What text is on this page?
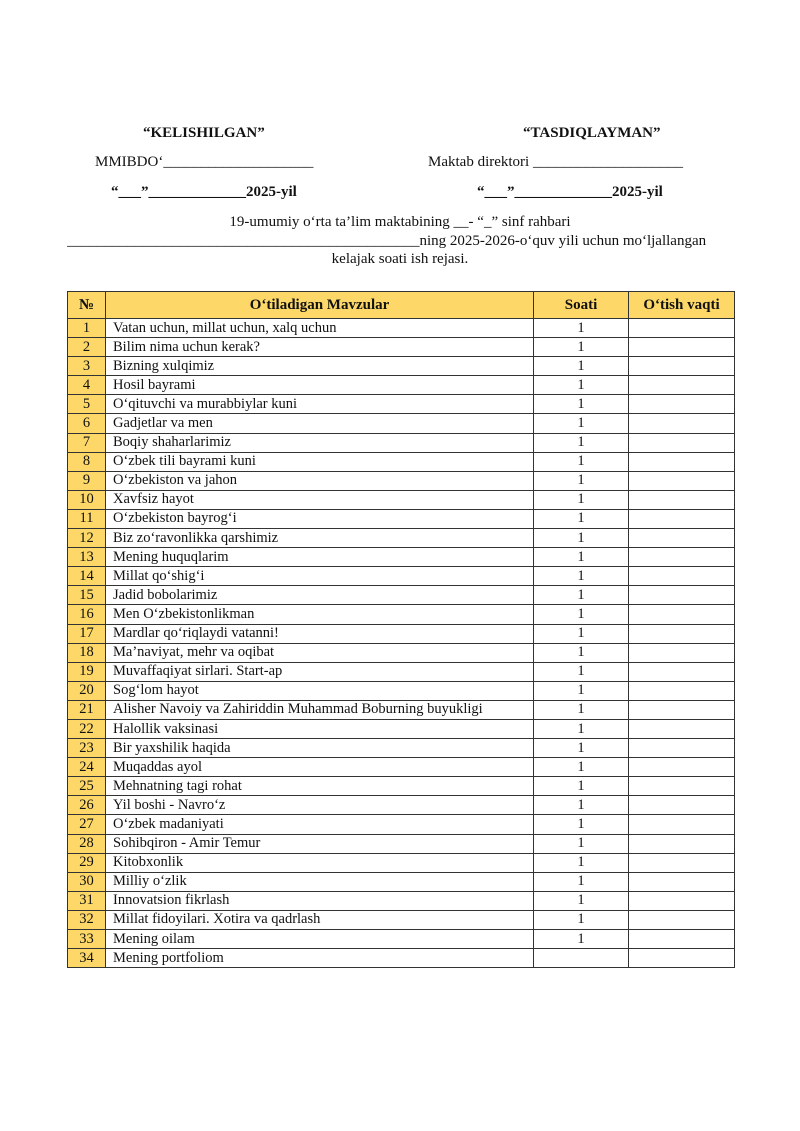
“KELISHILGAN”	“TASDIQLAYMAN”
MMIBDO‘____________________	Maktab direktori ____________________
“___”_____________2025-yil	“___”_____________2025-yil
19-umumiy o‘rta ta’lim maktabining __- “_” sinf rahbari
_______________________________________________ning 2025-2026-o‘quv yili uchun mo‘ljallangan
kelajak soati ish rejasi.
№	O‘tiladigan Mavzular	Soati	O‘tish vaqti
1	Vatan uchun, millat uchun, xalq uchun	1	
2	Bilim nima uchun kerak?	1	
3	Bizning xulqimiz	1	
4	Hosil bayrami	1	
5	O‘qituvchi va murabbiylar kuni	1	
6	Gadjetlar va men	1	
7	Boqiy shaharlarimiz	1	
8	O‘zbek tili bayrami kuni	1	
9	O‘zbekiston va jahon	1	
10	Xavfsiz hayot	1	
11	O‘zbekiston bayrog‘i	1	
12	Biz zo‘ravonlikka qarshimiz	1	
13	Mening huquqlarim	1	
14	Millat qo‘shig‘i	1	
15	Jadid bobolarimiz	1	
16	Men O‘zbekistonlikman	1	
17	Mardlar qo‘riqlaydi vatanni!	1	
18	Ma’naviyat, mehr va oqibat	1	
19	Muvaffaqiyat sirlari. Start-ap	1	
20	Sog‘lom hayot	1	
21	Alisher Navoiy va Zahiriddin Muhammad Boburning buyukligi	1	
22	Halollik vaksinasi	1	
23	Bir yaxshilik haqida	1	
24	Muqaddas ayol	1	
25	Mehnatning tagi rohat	1	
26	Yil boshi - Navro‘z	1	
27	O‘zbek madaniyati	1	
28	Sohibqiron - Amir Temur	1	
29	Kitobxonlik	1	
30	Milliy o‘zlik	1	
31	Innovatsion fikrlash	1	
32	Millat fidoyilari. Xotira va qadrlash	1	
33	Mening oilam	1	
34	Mening portfoliom		
